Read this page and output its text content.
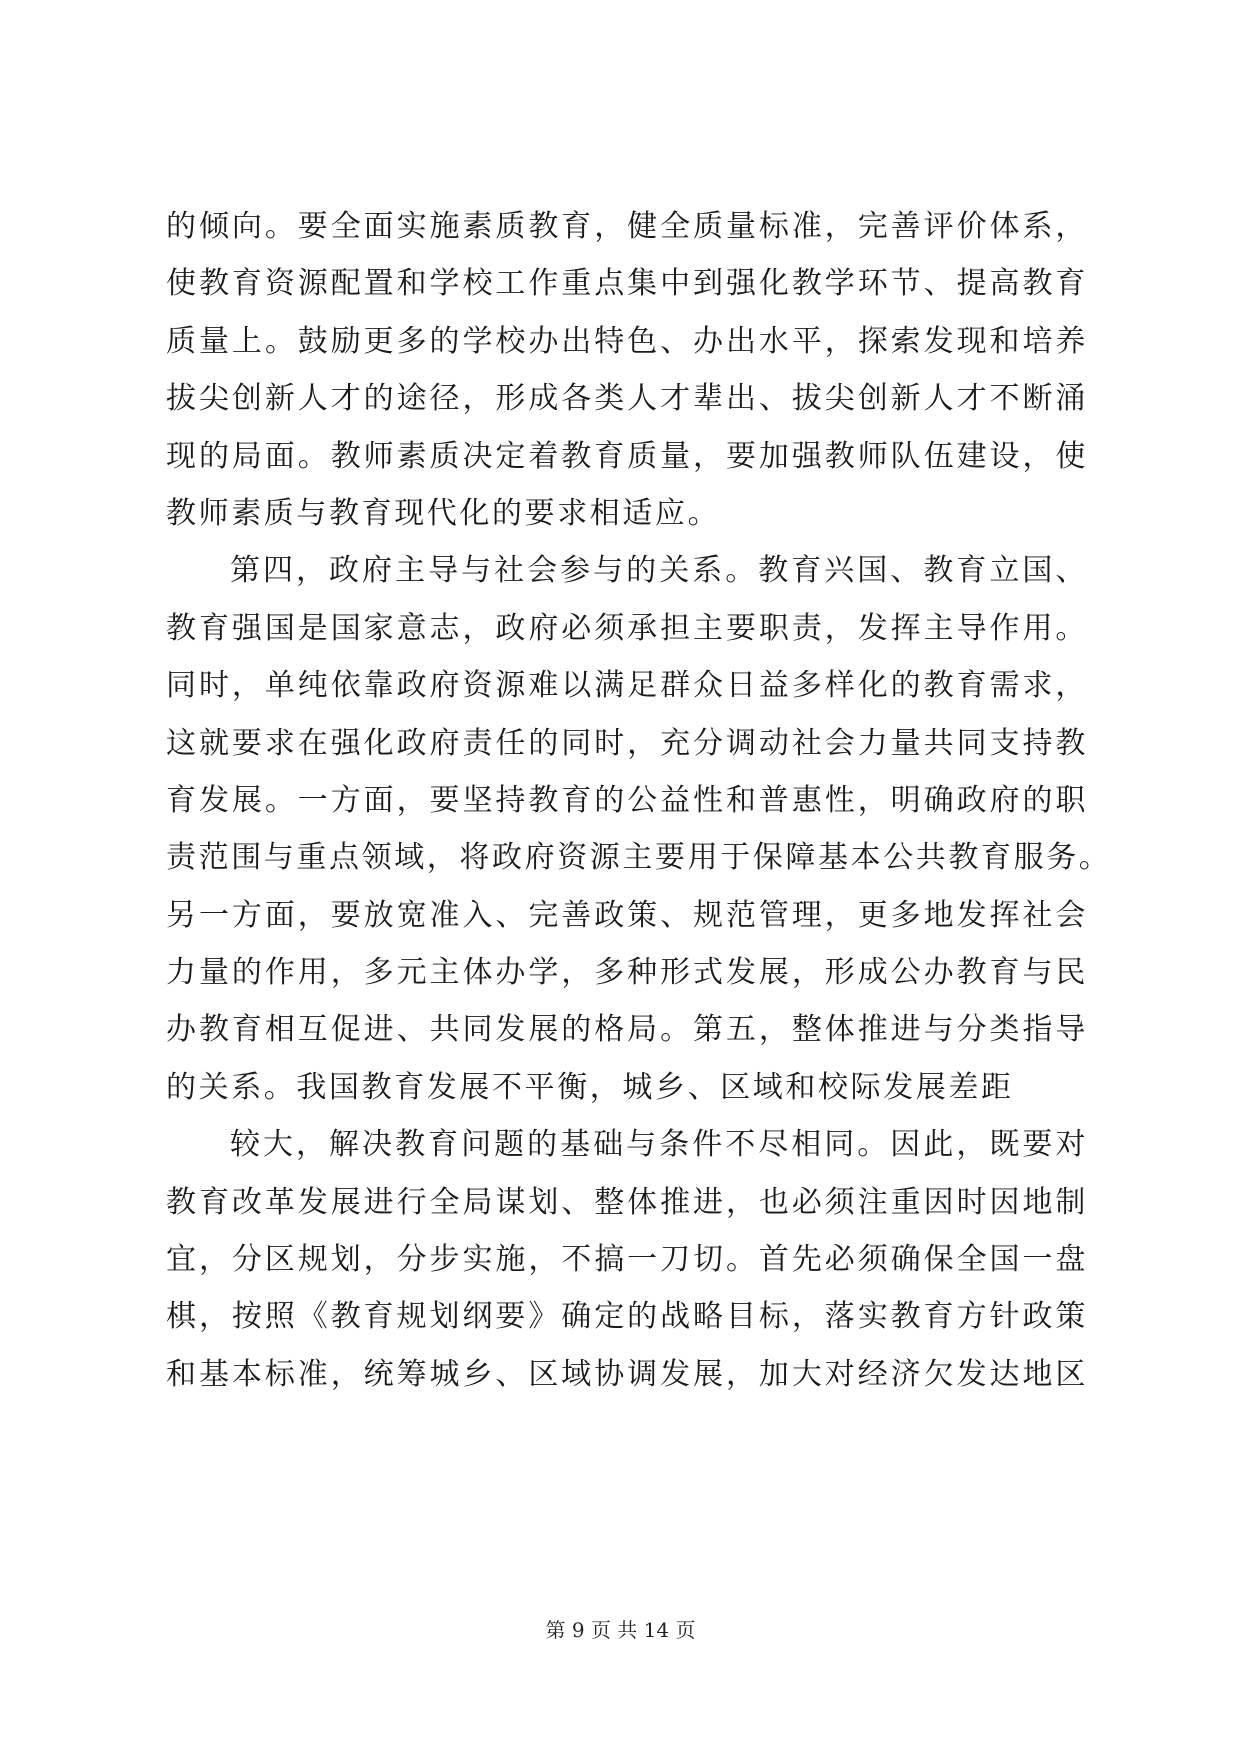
的倾向。要全面实施素质教育，健全质量标准，完善评价体系，
使教育资源配置和学校工作重点集中到强化教学环节、提高教育
质量上。鼓励更多的学校办出特色、办出水平，探索发现和培养
拔尖创新人才的途径，形成各类人才辈出、拔尖创新人才不断涌
现的局面。教师素质决定着教育质量，要加强教师队伍建设，使
教师素质与教育现代化的要求相适应。
第四，政府主导与社会参与的关系。教育兴国、教育立国、
教育强国是国家意志，政府必须承担主要职责，发挥主导作用。
同时，单纯依靠政府资源难以满足群众日益多样化的教育需求，
这就要求在强化政府责任的同时，充分调动社会力量共同支持教
育发展。一方面，要坚持教育的公益性和普惠性，明确政府的职
责范围与重点领域，将政府资源主要用于保障基本公共教育服务。
另一方面，要放宽准入、完善政策、规范管理，更多地发挥社会
力量的作用，多元主体办学，多种形式发展，形成公办教育与民
办教育相互促进、共同发展的格局。第五，整体推进与分类指导
的关系。我国教育发展不平衡，城乡、区域和校际发展差距
较大，解决教育问题的基础与条件不尽相同。因此，既要对
教育改革发展进行全局谋划、整体推进，也必须注重因时因地制
宜，分区规划，分步实施，不搞一刀切。首先必须确保全国一盘
棋，按照《教育规划纲要》确定的战略目标，落实教育方针政策
和基本标准，统筹城乡、区域协调发展，加大对经济欠发达地区
第 9 页 共 14 页
